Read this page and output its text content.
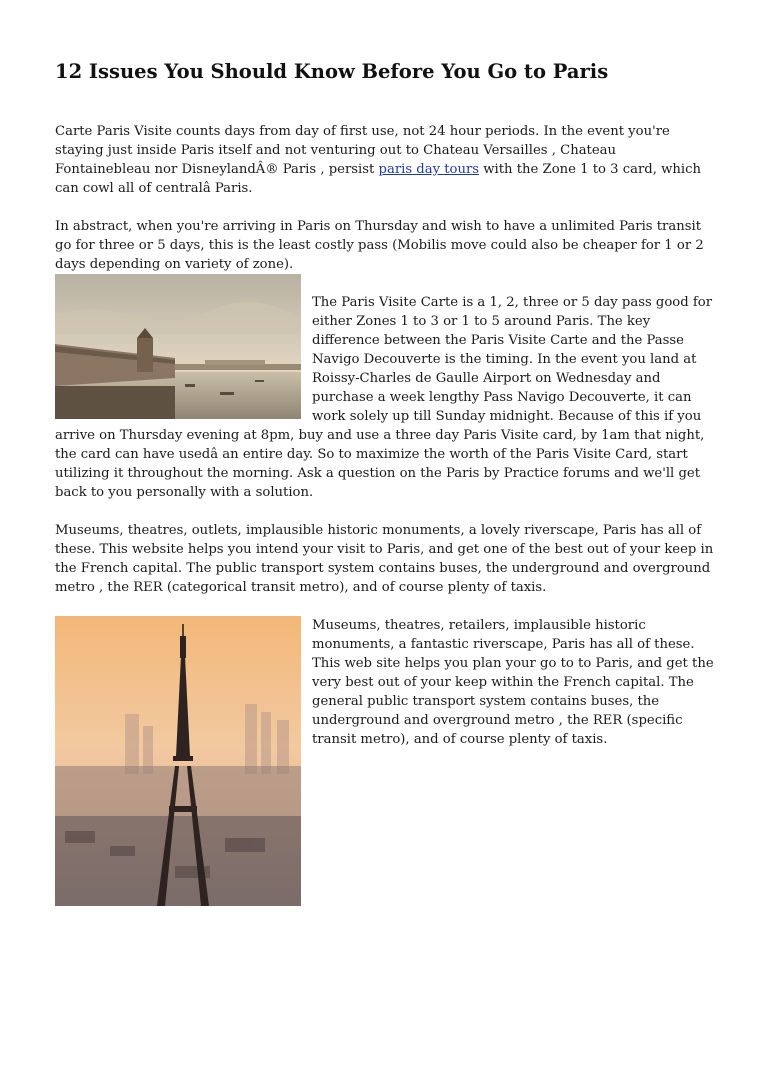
12 Issues You Should Know Before You Go to Paris

Carte Paris Visite counts days from day of first use, not 24 hour periods. In the event you're staying just inside Paris itself and not venturing out to Chateau Versailles , Chateau Fontainebleau nor DisneylandÂ® Paris , persist paris day tours with the Zone 1 to 3 card, which can cowl all of centralâ Paris.

In abstract, when you're arriving in Paris on Thursday and wish to have a unlimited Paris transit go for three or 5 days, this is the least costly pass (Mobilis move could also be cheaper for 1 or 2 days depending on variety of zone).

The Paris Visite Carte is a 1, 2, three or 5 day pass good for either Zones 1 to 3 or 1 to 5 around Paris. The key difference between the Paris Visite Carte and the Passe Navigo Decouverte is the timing. In the event you land at Roissy-Charles de Gaulle Airport on Wednesday and purchase a week lengthy Pass Navigo Decouverte, it can work solely up till Sunday midnight. Because of this if you arrive on Thursday evening at 8pm, buy and use a three day Paris Visite card, by 1am that night, the card can have usedâ an entire day. So to maximize the worth of the Paris Visite Card, start utilizing it throughout the morning. Ask a question on the Paris by Practice forums and we'll get back to you personally with a solution.

Museums, theatres, outlets, implausible historic monuments, a lovely riverscape, Paris has all of these. This website helps you intend your visit to Paris, and get one of the best out of your keep in the French capital. The public transport system contains buses, the underground and overground metro , the RER (categorical transit metro), and of course plenty of taxis.

Museums, theatres, retailers, implausible historic monuments, a fantastic riverscape, Paris has all of these. This web site helps you plan your go to to Paris, and get the very best out of your keep within the French capital. The general public transport system contains buses, the underground and overground metro , the RER (specific transit metro), and of course plenty of taxis.
